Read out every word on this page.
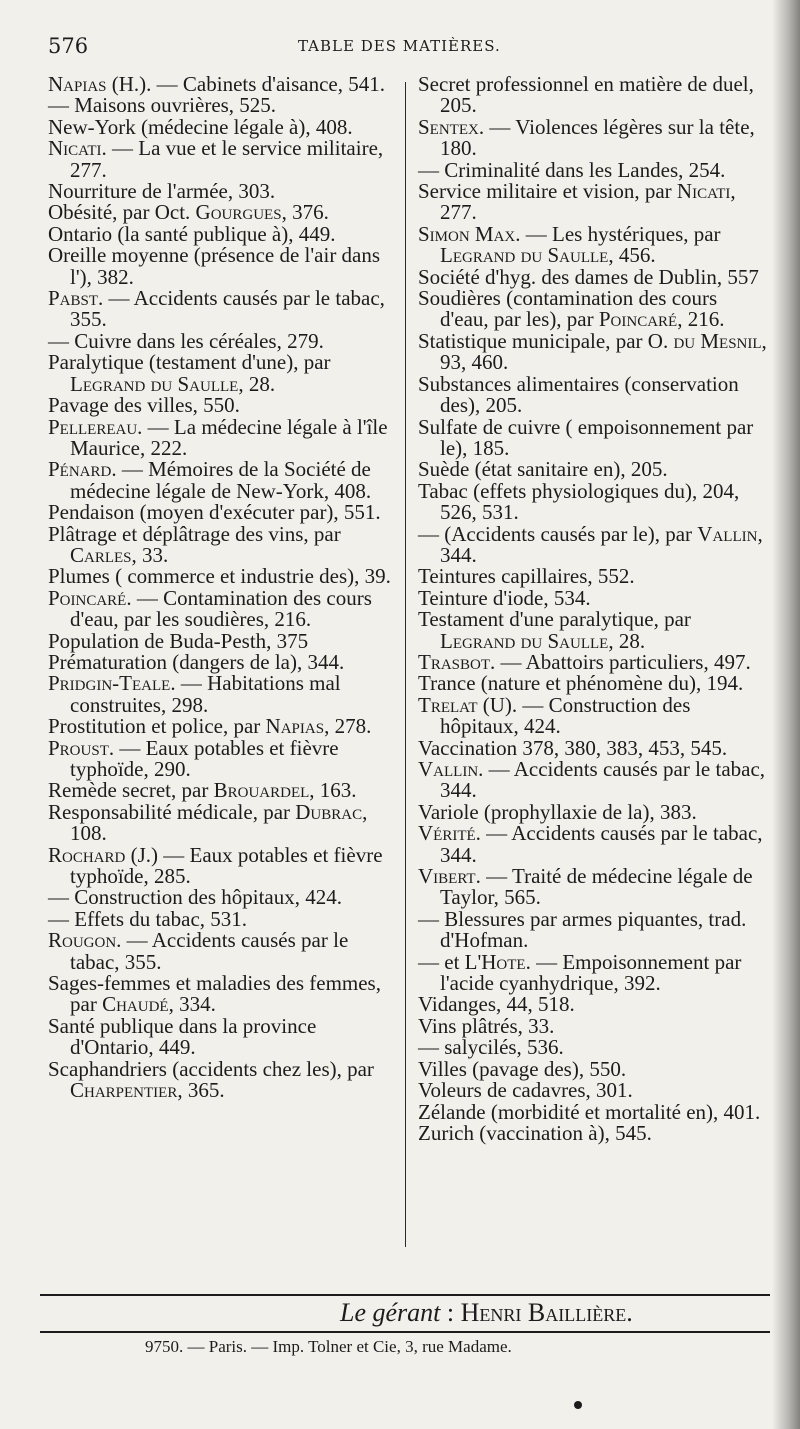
576	TABLE DES MATIÈRES.
Napias (H.). — Cabinets d'aisance, 541.
— Maisons ouvrières, 525.
New-York (médecine légale à), 408.
Nicati. — La vue et le service militaire, 277.
Nourriture de l'armée, 303.
Obésité, par Oct. Gourgues, 376.
Ontario (la santé publique à), 449.
Oreille moyenne (présence de l'air dans l'), 382.
Pabst. — Accidents causés par le tabac, 355.
— Cuivre dans les céréales, 279.
Paralytique (testament d'une), par Legrand du Saulle, 28.
Pavage des villes, 550.
Pellereau. — La médecine légale à l'île Maurice, 222.
Pénard. — Mémoires de la Société de médecine légale de New-York, 408.
Pendaison (moyen d'exécuter par), 551.
Plâtrage et déplâtrage des vins, par Carles, 33.
Plumes ( commerce et industrie des), 39.
Poincaré. — Contamination des cours d'eau, par les soudières, 216.
Population de Buda-Pesth, 375
Prématuration (dangers de la), 344.
Pridgin-Teale. — Habitations mal construites, 298.
Prostitution et police, par Napias, 278.
Proust. — Eaux potables et fièvre typhoïde, 290.
Remède secret, par Brouardel, 163.
Responsabilité médicale, par Dubrac, 108.
Rochard (J.) — Eaux potables et fièvre typhoïde, 285.
— Construction des hôpitaux, 424.
— Effets du tabac, 531.
Rougon. — Accidents causés par le tabac, 355.
Sages-femmes et maladies des femmes, par Chaudé, 334.
Santé publique dans la province d'Ontario, 449.
Scaphandriers (accidents chez les), par Charpentier, 365.
Secret professionnel en matière de duel, 205.
Sentex. — Violences légères sur la tête, 180.
— Criminalité dans les Landes, 254.
Service militaire et vision, par Nicati, 277.
Simon Max. — Les hystériques, par Legrand du Saulle, 456.
Société d'hyg. des dames de Dublin, 557
Soudières (contamination des cours d'eau, par les), par Poincaré, 216.
Statistique municipale, par O. du Mesnil, 93, 460.
Substances alimentaires (conservation des), 205.
Sulfate de cuivre ( empoisonnement par le), 185.
Suède (état sanitaire en), 205.
Tabac (effets physiologiques du), 204, 526, 531.
— (Accidents causés par le), par Vallin, 344.
Teintures capillaires, 552.
Teinture d'iode, 534.
Testament d'une paralytique, par Legrand du Saulle, 28.
Trasbot. — Abattoirs particuliers, 497.
Trance (nature et phénomène du), 194.
Trelat (U). — Construction des hôpitaux, 424.
Vaccination 378, 380, 383, 453, 545.
Vallin. — Accidents causés par le tabac, 344.
Variole (prophyllaxie de la), 383.
Vérité. — Accidents causés par le tabac, 344.
Vibert. — Traité de médecine légale de Taylor, 565.
— Blessures par armes piquantes, trad. d'Hofman.
— et L'Hote. — Empoisonnement par l'acide cyanhydrique, 392.
Vidanges, 44, 518.
Vins plâtrés, 33.
— salycilés, 536.
Villes (pavage des), 550.
Voleurs de cadavres, 301.
Zélande (morbidité et mortalité en), 401.
Zurich (vaccination à), 545.
Le gérant : Henri Baillière.
9750. — Paris. — Imp. Tolner et Cie, 3, rue Madame.
